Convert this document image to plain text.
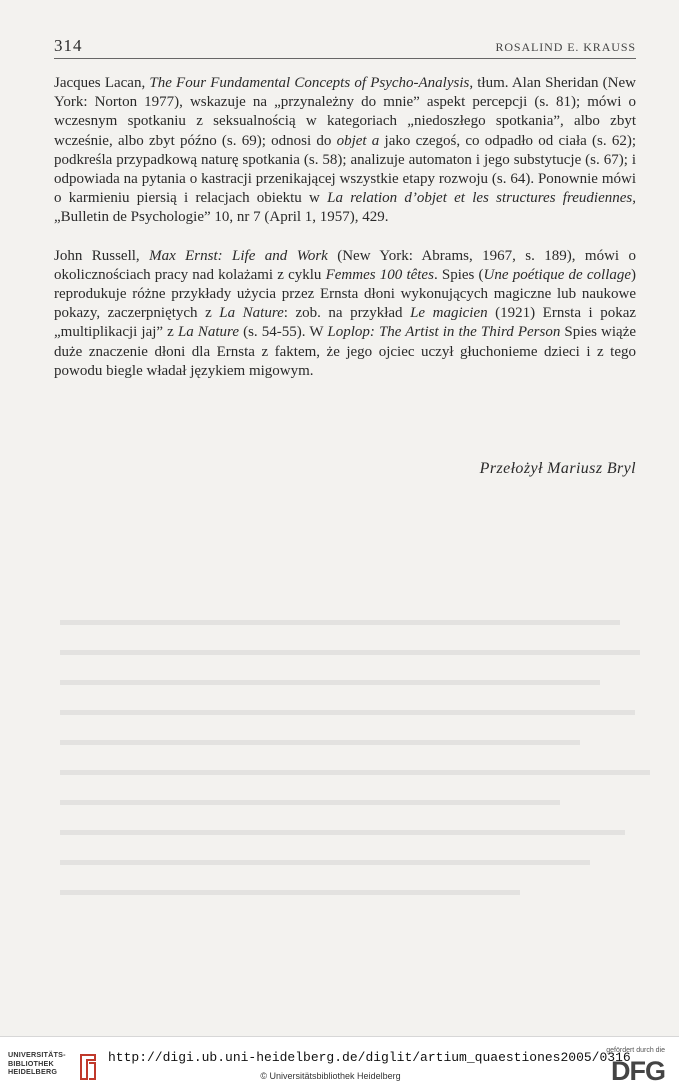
314	ROSALIND E. KRAUSS

Jacques Lacan, The Four Fundamental Concepts of Psycho-Analysis, tłum. Alan Sheridan (New York: Norton 1977), wskazuje na „przynależny do mnie” aspekt percepcji (s. 81); mówi o wczesnym spotkaniu z seksualnością w kategoriach „niedoszłego spotkania”, albo zbyt wcześnie, albo zbyt późno (s. 69); odnosi do objet a jako czegoś, co odpadło od ciała (s. 62); podkreśla przypadkową naturę spotkania (s. 58); analizuje automaton i jego substytucje (s. 67); i odpowiada na pytania o kastracji przenikającej wszystkie etapy rozwoju (s. 64). Ponownie mówi o karmieniu piersią i relacjach obiektu w La relation d’objet et les structures freudiennes, „Bulletin de Psychologie” 10, nr 7 (April 1, 1957), 429.

John Russell, Max Ernst: Life and Work (New York: Abrams, 1967, s. 189), mówi o okolicznościach pracy nad kolażami z cyklu Femmes 100 têtes. Spies (Une poétique de collage) reprodukuje różne przykłady użycia przez Ernsta dłoni wykonujących magiczne lub naukowe pokazy, zaczerpniętych z La Nature: zob. na przykład Le magicien (1921) Ernsta i pokaz „multiplikacji jaj” z La Nature (s. 54-55). W Loplop: The Artist in the Third Person Spies wiąże duże znaczenie dłoni dla Ernsta z faktem, że jego ojciec uczył głuchonieme dzieci i z tego powodu biegle władał językiem migowym.

Przełożył Mariusz Bryl
UNIVERSITÄTS-
BIBLIOTHEK
HEIDELBERG
http://digi.ub.uni-heidelberg.de/diglit/artium_quaestiones2005/0316
© Universitätsbibliothek Heidelberg
gefördert durch die
DFG
